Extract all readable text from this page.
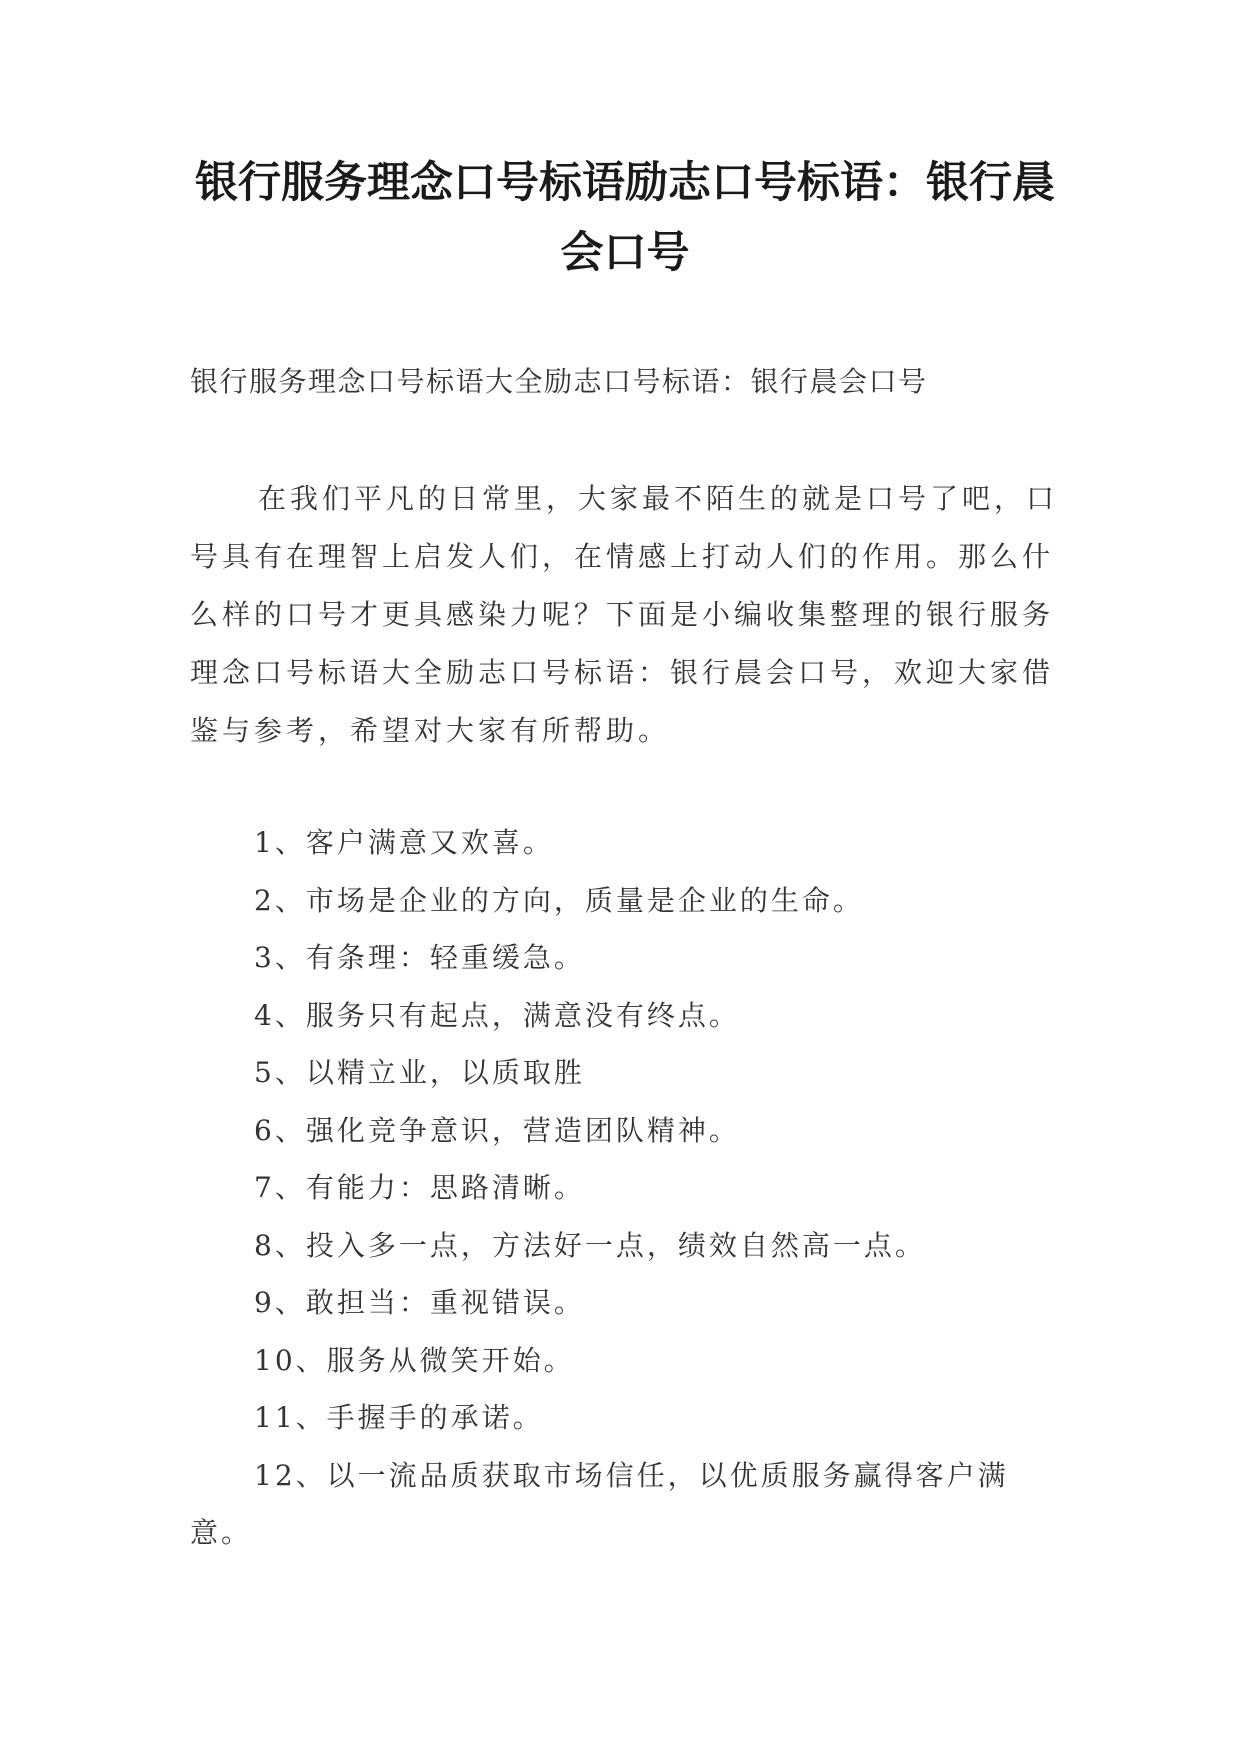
银行服务理念口号标语励志口号标语：银行晨会口号
银行服务理念口号标语大全励志口号标语：银行晨会口号

在我们平凡的日常里，大家最不陌生的就是口号了吧，口号具有在理智上启发人们，在情感上打动人们的作用。那么什么样的口号才更具感染力呢？下面是小编收集整理的银行服务理念口号标语大全励志口号标语：银行晨会口号，欢迎大家借鉴与参考，希望对大家有所帮助。

1、客户满意又欢喜。
2、市场是企业的方向，质量是企业的生命。
3、有条理：轻重缓急。
4、服务只有起点，满意没有终点。
5、以精立业，以质取胜
6、强化竞争意识，营造团队精神。
7、有能力：思路清晰。
8、投入多一点，方法好一点，绩效自然高一点。
9、敢担当：重视错误。
10、服务从微笑开始。
11、手握手的承诺。
12、以一流品质获取市场信任，以优质服务赢得客户满意。
